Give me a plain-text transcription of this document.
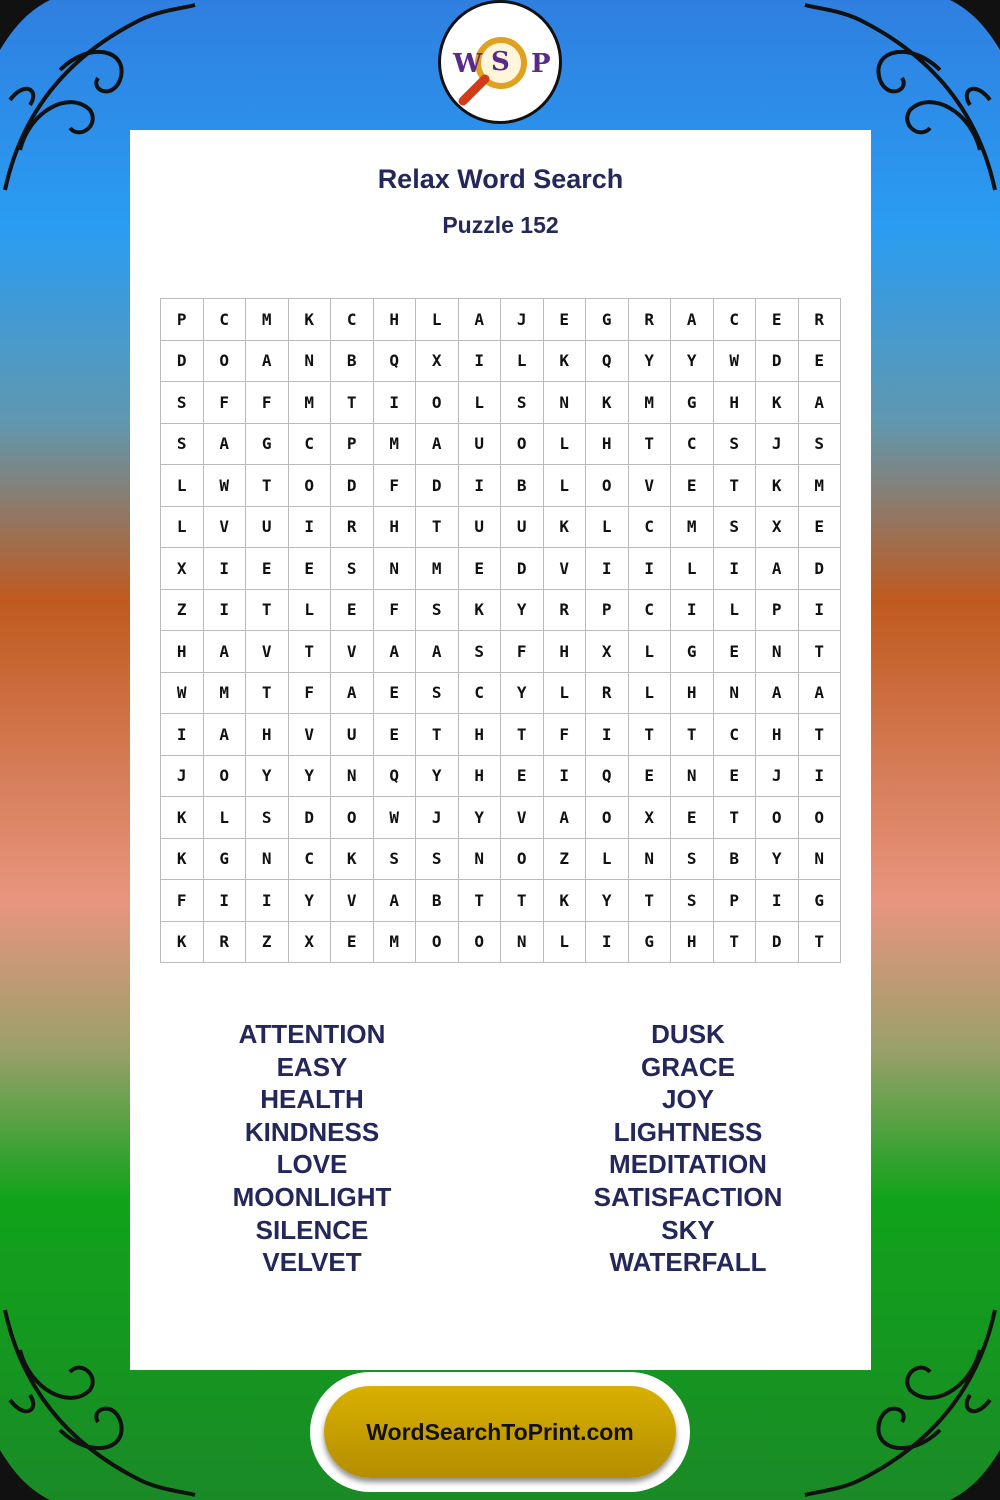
W S P
Relax Word Search
Puzzle 152
P	C	M	K	C	H	L	A	J	E	G	R	A	C	E	R
D	O	A	N	B	Q	X	I	L	K	Q	Y	Y	W	D	E
S	F	F	M	T	I	O	L	S	N	K	M	G	H	K	A
S	A	G	C	P	M	A	U	O	L	H	T	C	S	J	S
L	W	T	O	D	F	D	I	B	L	O	V	E	T	K	M
L	V	U	I	R	H	T	U	U	K	L	C	M	S	X	E
X	I	E	E	S	N	M	E	D	V	I	I	L	I	A	D
Z	I	T	L	E	F	S	K	Y	R	P	C	I	L	P	I
H	A	V	T	V	A	A	S	F	H	X	L	G	E	N	T
W	M	T	F	A	E	S	C	Y	L	R	L	H	N	A	A
I	A	H	V	U	E	T	H	T	F	I	T	T	C	H	T
J	O	Y	Y	N	Q	Y	H	E	I	Q	E	N	E	J	I
K	L	S	D	O	W	J	Y	V	A	O	X	E	T	O	O
K	G	N	C	K	S	S	N	O	Z	L	N	S	B	Y	N
F	I	I	Y	V	A	B	T	T	K	Y	T	S	P	I	G
K	R	Z	X	E	M	O	O	N	L	I	G	H	T	D	T
ATTENTION
EASY
HEALTH
KINDNESS
LOVE
MOONLIGHT
SILENCE
VELVET
DUSK
GRACE
JOY
LIGHTNESS
MEDITATION
SATISFACTION
SKY
WATERFALL
WordSearchToPrint.com
